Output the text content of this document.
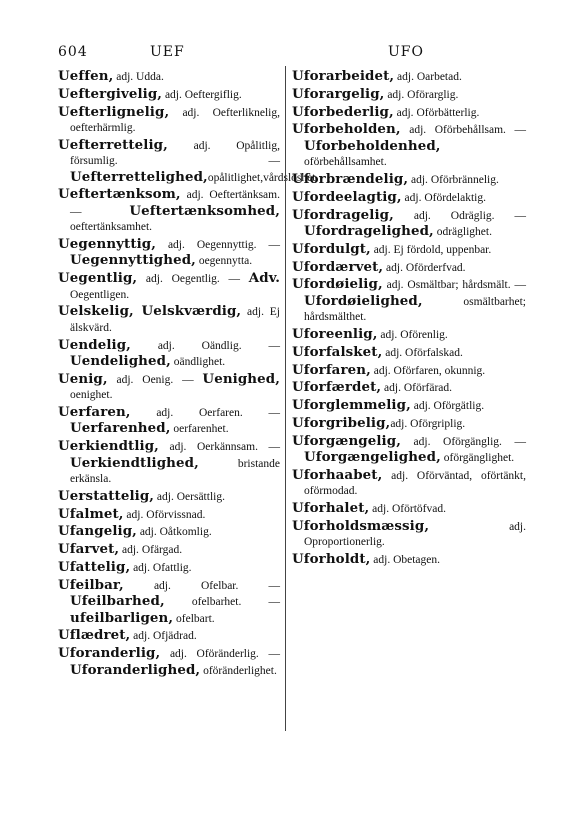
604	UEF	UFO
Ueffen, adj. Udda.
Ueftergivelig, adj. Oeftergiflig.
Uefterlignelig, adj. Oefterliknelig, oefterhärmlig.
Uefterrettelig, adj. Opålitlig, försumlig. — Uefterrettelighed,opålitlighet,vårdslöshet.
Ueftertænksom, adj. Oeftertänksam. — Ueftertænksomhed, oeftertänksamhet.
Uegennyttig, adj. Oegennyttig. — Uegennyttighed, oegennytta.
Uegentlig, adj. Oegentlig. — Adv. Oegentligen.
Uelskelig, Uelskværdig, adj. Ej älskvärd.
Uendelig, adj. Oändlig. — Uendelighed, oändlighet.
Uenig, adj. Oenig. — Uenighed, oenighet.
Uerfaren, adj. Oerfaren. — Uerfarenhed, oerfarenhet.
Uerkiendtlig, adj. Oerkännsam. — Uerkiendtlighed, bristande erkänsla.
Uerstattelig, adj. Oersättlig.
Ufalmet, adj. Oförvissnad.
Ufangelig, adj. Oåtkomlig.
Ufarvet, adj. Ofärgad.
Ufattelig, adj. Ofattlig.
Ufeilbar, adj. Ofelbar. — Ufeilbarhed, ofelbarhet. — ufeilbarligen, ofelbart.
Uflædret, adj. Ofjädrad.
Uforanderlig, adj. Oföränderlig. — Uforanderlighed, oföränderlighet.
Uforarbeidet, adj. Oarbetad.
Uforargelig, adj. Oförarglig.
Uforbederlig, adj. Oförbätterlig.
Uforbeholden, adj. Oförbehållsam. — Uforbeholdenhed, oförbehållsamhet.
Uforbrændelig, adj. Oförbrännelig.
Ufordeelagtig, adj. Ofördelaktig.
Ufordragelig, adj. Odräglig. — Ufordragelighed, odräglighet.
Ufordulgt, adj. Ej fördold, uppenbar.
Ufordærvet, adj. Oförderfvad.
Ufordøielig, adj. Osmältbar; hårdsmält. — Ufordøielighed, osmältbarhet; hårdsmälthet.
Uforeenlig, adj. Oförenlig.
Uforfalsket, adj. Oförfalskad.
Uforfaren, adj. Oförfaren, okunnig.
Uforfærdet, adj. Oförfärad.
Uforglemmelig, adj. Oförgätlig.
Uforgribelig,adj. Oförgriplig.
Uforgængelig, adj. Oförgänglig. — Uforgængelighed, oförgänglighet.
Uforhaabet, adj. Oförväntad, oförtänkt, oförmodad.
Uforhalet, adj. Oförtöfvad.
Uforholdsmæssig, adj. Oproportionerlig.
Uforholdt, adj. Obetagen.
